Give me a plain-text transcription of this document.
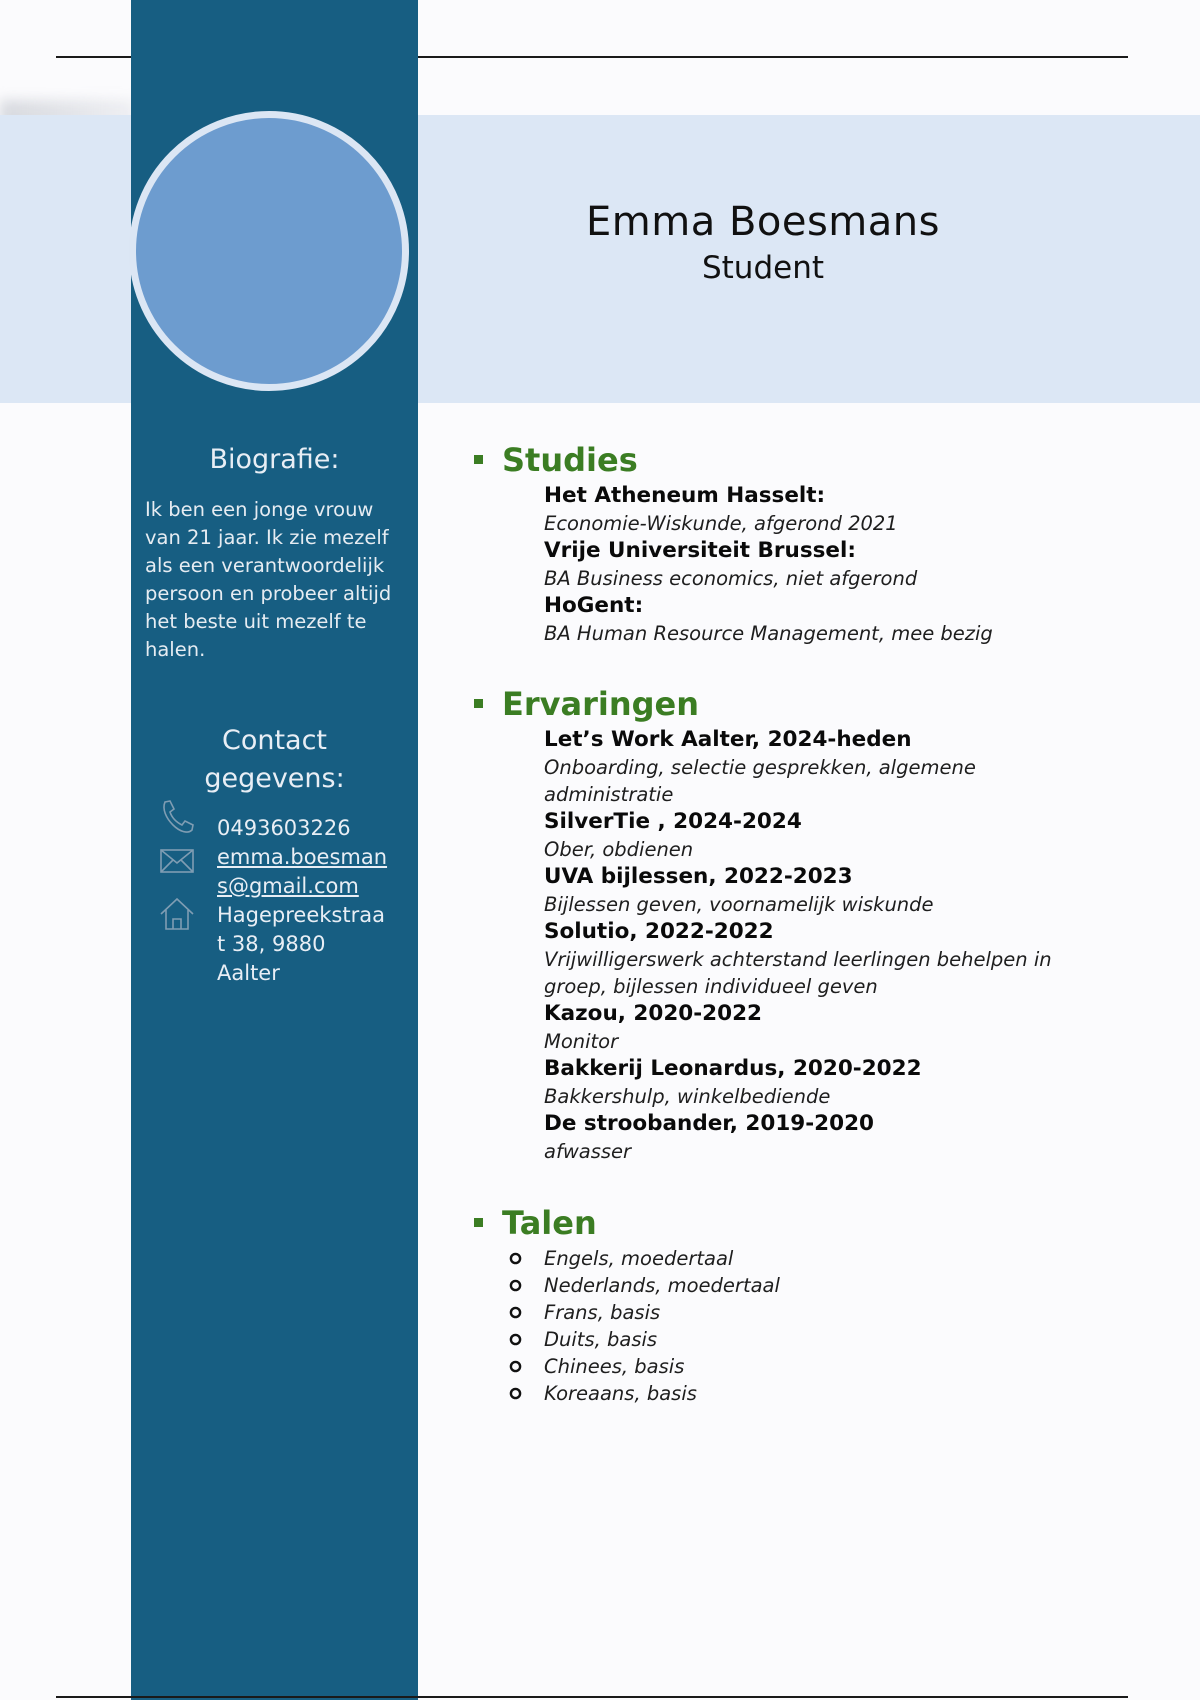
Emma Boesmans
Student
Biografie:
Ik ben een jonge vrouw van 21 jaar. Ik zie mezelf als een verantwoordelijk persoon en probeer altijd het beste uit mezelf te halen.
Contact
gegevens:
0493603226
emma.boesman
s@gmail.com
Hagepreekstraa
t 38, 9880
Aalter
Studies
Het Atheneum Hasselt:
Economie-Wiskunde, afgerond 2021
Vrije Universiteit Brussel:
BA Business economics, niet afgerond
HoGent:
BA Human Resource Management, mee bezig
Ervaringen
Let’s Work Aalter, 2024-heden
Onboarding, selectie gesprekken, algemene administratie
SilverTie , 2024-2024
Ober, obdienen
UVA bijlessen, 2022-2023
Bijlessen geven, voornamelijk wiskunde
Solutio, 2022-2022
Vrijwilligerswerk achterstand leerlingen behelpen in groep, bijlessen individueel geven
Kazou, 2020-2022
Monitor
Bakkerij Leonardus, 2020-2022
Bakkershulp, winkelbediende
De stroobander, 2019-2020
afwasser
Talen
Engels, moedertaal
Nederlands, moedertaal
Frans, basis
Duits, basis
Chinees, basis
Koreaans, basis
